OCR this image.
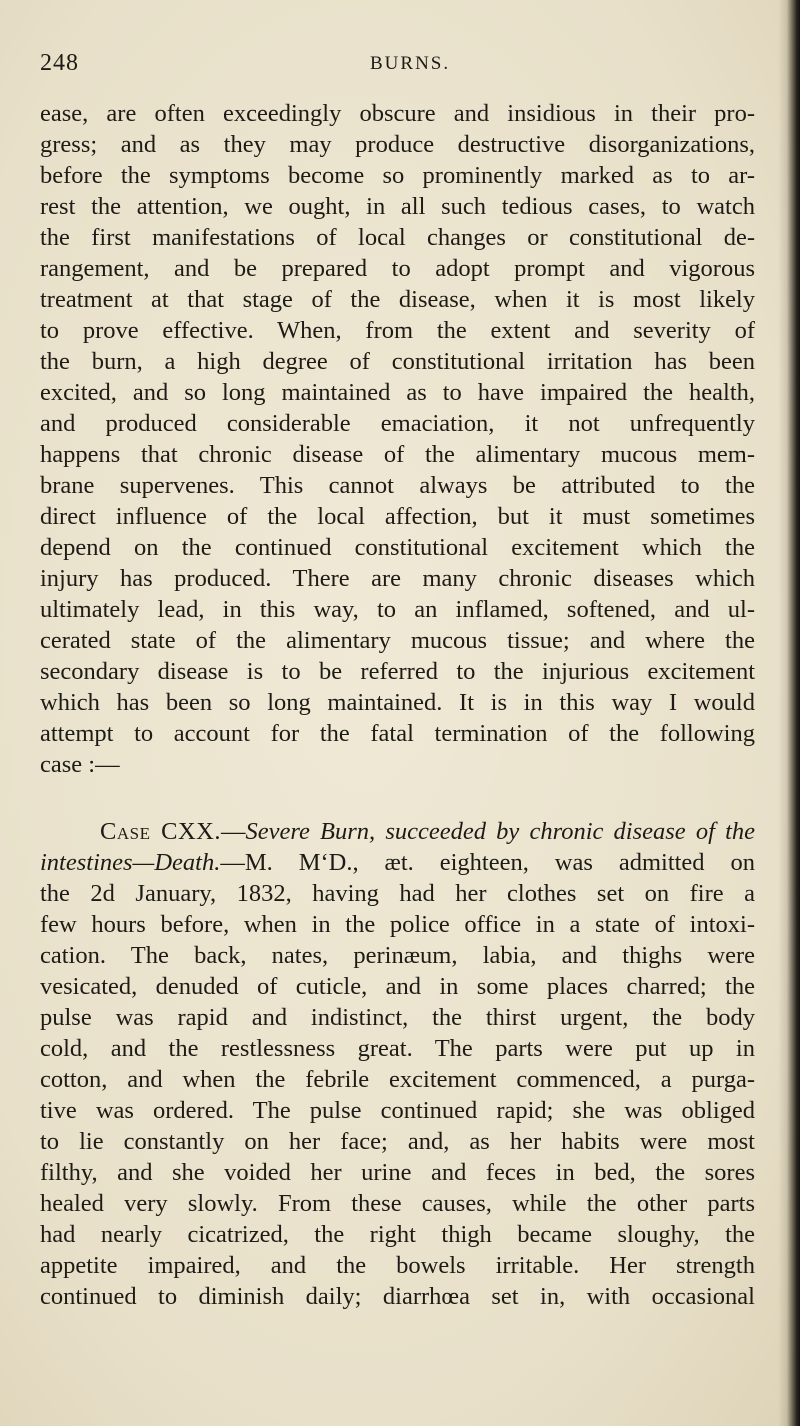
248	BURNS.
ease, are often exceedingly obscure and insidious in their pro-
gress; and as they may produce destructive disorganizations,
before the symptoms become so prominently marked as to ar-
rest the attention, we ought, in all such tedious cases, to watch
the first manifestations of local changes or constitutional de-
rangement, and be prepared to adopt prompt and vigorous
treatment at that stage of the disease, when it is most likely
to prove effective. When, from the extent and severity of
the burn, a high degree of constitutional irritation has been
excited, and so long maintained as to have impaired the health,
and produced considerable emaciation, it not unfrequently
happens that chronic disease of the alimentary mucous mem-
brane supervenes. This cannot always be attributed to the
direct influence of the local affection, but it must sometimes
depend on the continued constitutional excitement which the
injury has produced. There are many chronic diseases which
ultimately lead, in this way, to an inflamed, softened, and ul-
cerated state of the alimentary mucous tissue; and where the
secondary disease is to be referred to the injurious excitement
which has been so long maintained. It is in this way I would
attempt to account for the fatal termination of the following
case :—
Case CXX.—Severe Burn, succeeded by chronic disease of the
intestines—Death.—M. M‘D., æt. eighteen, was admitted on
the 2d January, 1832, having had her clothes set on fire a
few hours before, when in the police office in a state of intoxi-
cation. The back, nates, perinæum, labia, and thighs were
vesicated, denuded of cuticle, and in some places charred; the
pulse was rapid and indistinct, the thirst urgent, the body
cold, and the restlessness great. The parts were put up in
cotton, and when the febrile excitement commenced, a purga-
tive was ordered. The pulse continued rapid; she was obliged
to lie constantly on her face; and, as her habits were most
filthy, and she voided her urine and feces in bed, the sores
healed very slowly. From these causes, while the other parts
had nearly cicatrized, the right thigh became sloughy, the
appetite impaired, and the bowels irritable. Her strength
continued to diminish daily; diarrhœa set in, with occasional
